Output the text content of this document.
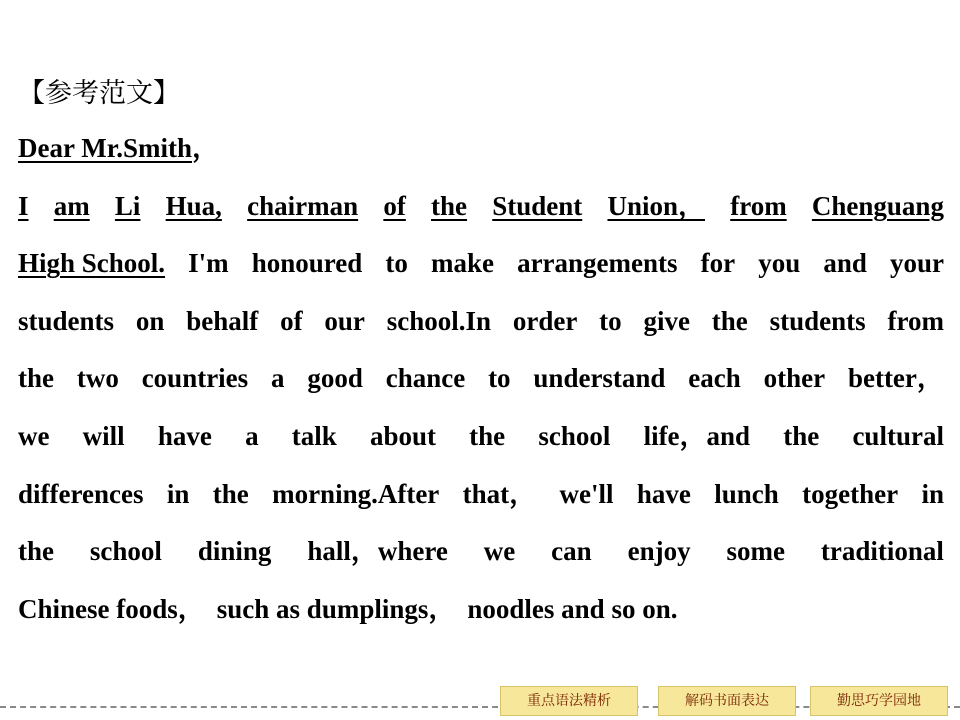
【参考范文】
Dear Mr.Smith，
I am Li Hua, chairman of the Student Union， from Chenguang
High School. I'm honoured to make arrangements for you and your
students on behalf of our school.In order to give the students from
the two countries a good chance to understand each other better，
we will have a talk about the school life，and the cultural
differences in the morning.After that， we'll have lunch together in
the school dining hall，where we can enjoy some traditional
Chinese foods， such as dumplings， noodles and so on.
重点语法精析	解码书面表达	勤思巧学园地
